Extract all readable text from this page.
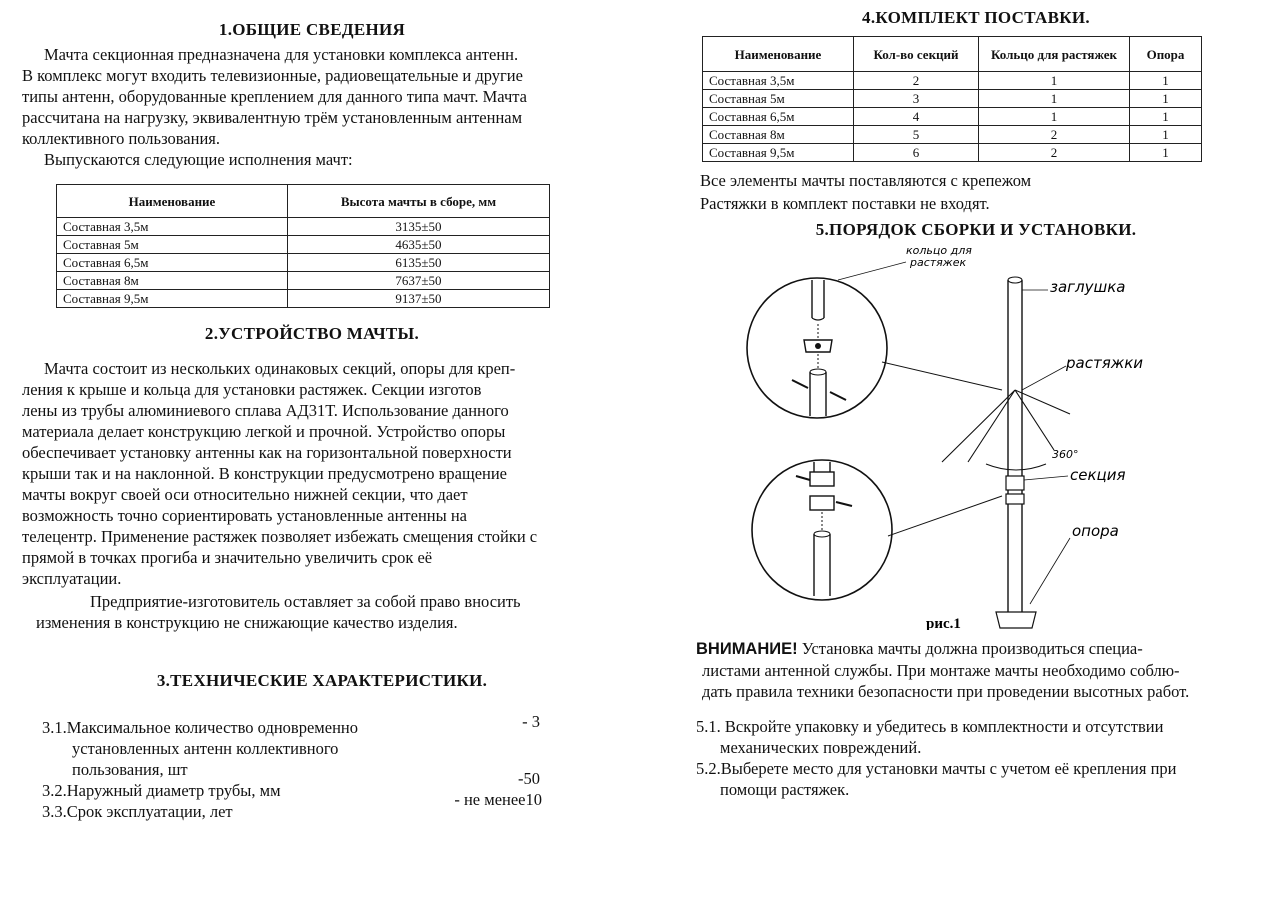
1.ОБЩИЕ СВЕДЕНИЯ

Мачта секционная предназначена для установки комплекса антенн.

В комплекс могут входить телевизионные, радиовещательные и другие

типы антенн, оборудованные креплением для данного типа мачт. Мачта

рассчитана на нагрузку, эквивалентную трём установленным антеннам

коллективного пользования.

Выпускаются следующие исполнения мачт:

Наименование	Высота мачты в сборе, мм
Составная 3,5м	3135±50
Составная 5м	4635±50
Составная 6,5м	6135±50
Составная 8м	7637±50
Составная 9,5м	9137±50
2.УСТРОЙСТВО МАЧТЫ.

Мачта состоит из нескольких одинаковых секций, опоры для креп-

ления к крыше и кольца для установки растяжек. Секции изготов

лены из трубы алюминиевого сплава АД31Т. Использование данного

материала делает конструкцию легкой и прочной. Устройство опоры

обеспечивает установку антенны как на горизонтальной поверхности

крыши так и на наклонной. В конструкции предусмотрено вращение

мачты вокруг своей оси относительно нижней секции, что дает

возможность точно сориентировать установленные антенны на

телецентр. Применение растяжек позволяет избежать смещения стойки с

прямой в точках прогиба и значительно увеличить срок её

эксплуатации.

Предприятие-изготовитель оставляет за собой право вносить

изменения в конструкцию не снижающие качество изделия.

3.ТЕХНИЧЕСКИЕ ХАРАКТЕРИСТИКИ.
3.1.Максимальное количество одновременно
установленных антенн коллективного
пользования, шт
- 3
3.2.Наружный диаметр трубы, мм
-50
3.3.Срок эксплуатации, лет
- не менее10
4.КОМПЛЕКТ ПОСТАВКИ.
Наименование	Кол-во секций	Кольцо для растяжек	Опора
Составная 3,5м	2	1	1
Составная 5м	3	1	1
Составная 6,5м	4	1	1
Составная 8м	5	2	1
Составная 9,5м	6	2	1

Все элементы мачты поставляются с крепежом

Растяжки в комплект поставки не входят.

5.ПОРЯДОК СБОРКИ И УСТАНОВКИ.
кольцо для
растяжек
заглушка
растяжки
360°
секция
опора
рис.1
ВНИМАНИЕ! Установка мачты должна производиться специа-
листами антенной службы. При монтаже мачты необходимо соблю-
дать правила техники безопасности при проведении высотных работ.
5.1. Вскройте упаковку и убедитесь в комплектности и отсутствии
механических повреждений.
5.2.Выберете место для установки мачты с учетом её крепления при
помощи растяжек.
